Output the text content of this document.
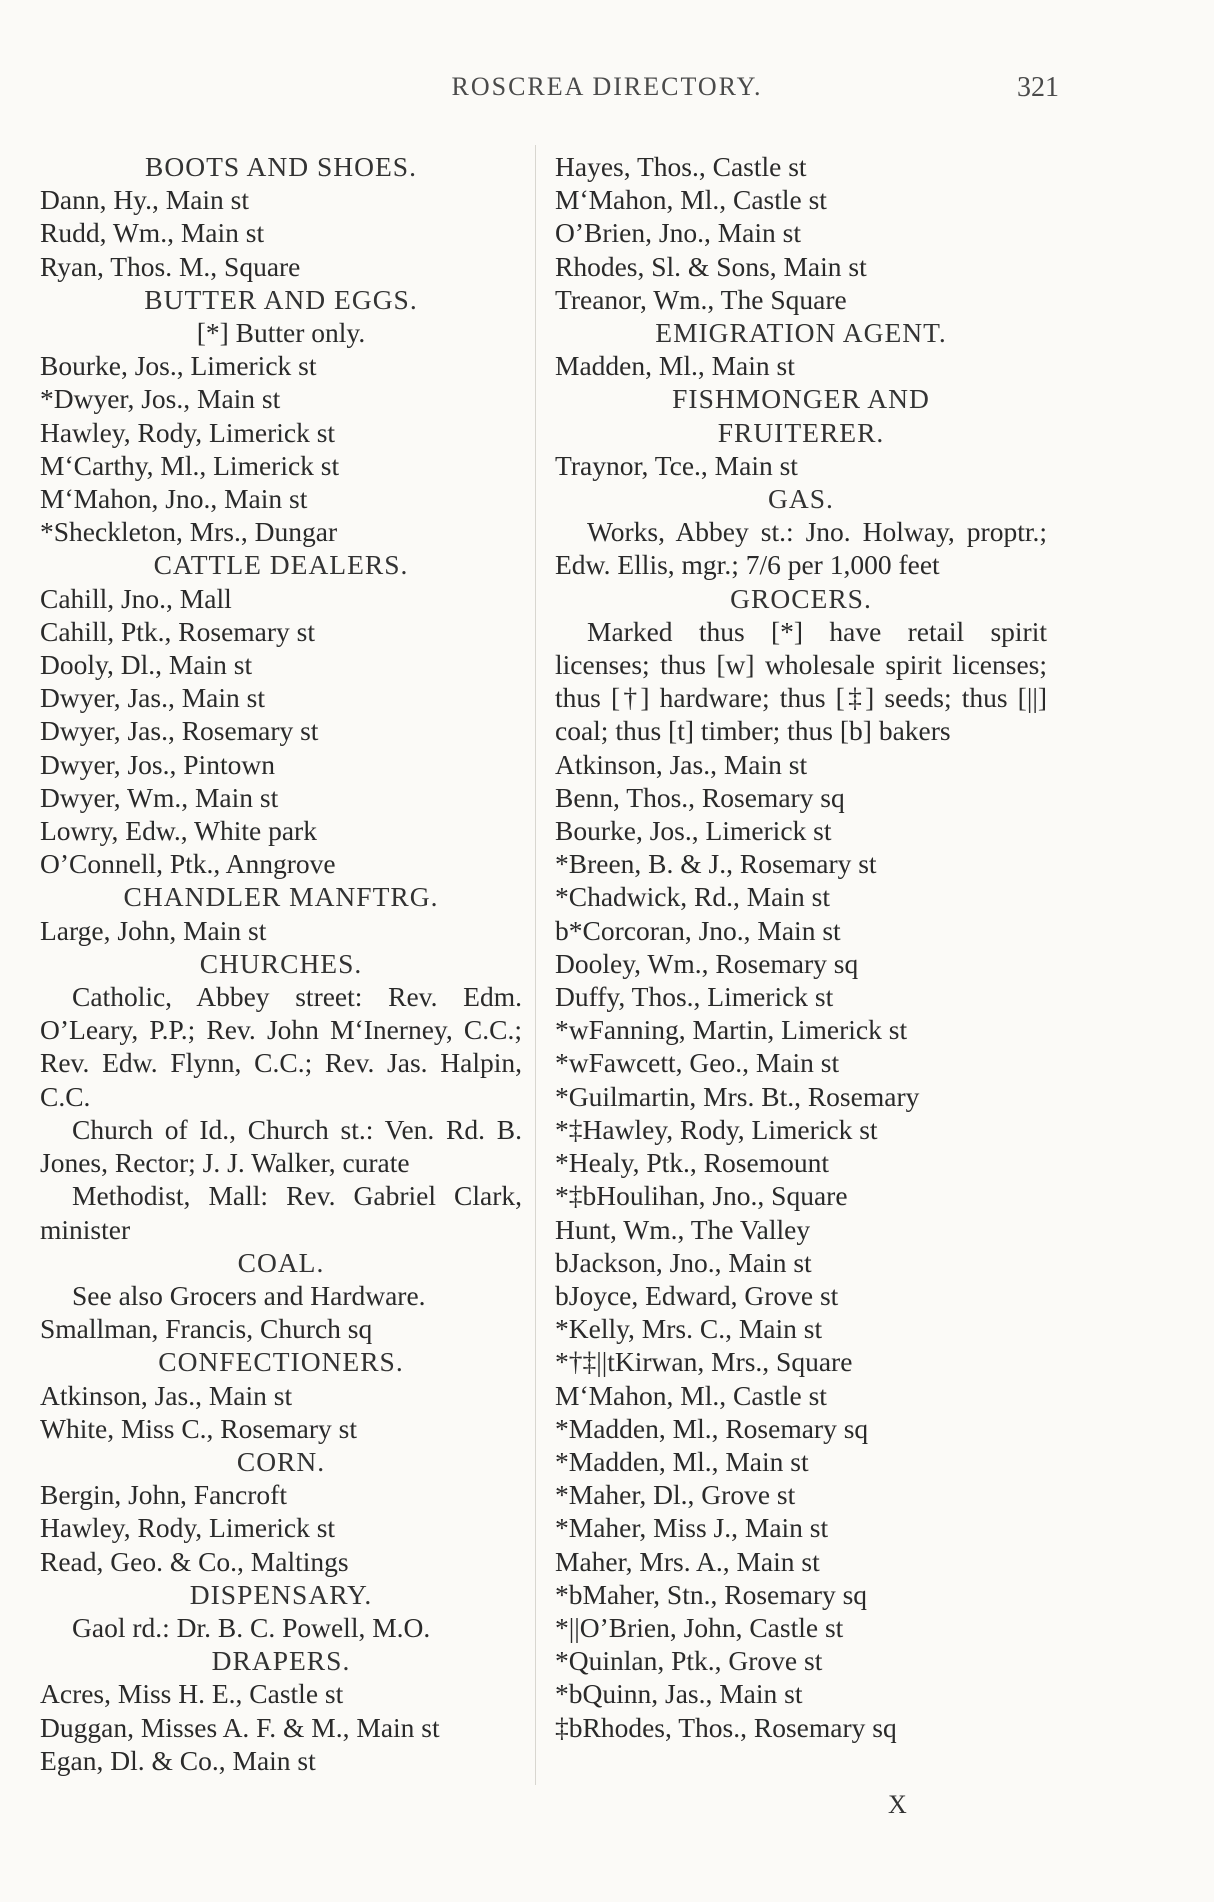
ROSCREA DIRECTORY.	321
BOOTS AND SHOES.
Dann, Hy., Main st
Rudd, Wm., Main st
Ryan, Thos. M., Square
BUTTER AND EGGS.
[*] Butter only.
Bourke, Jos., Limerick st
*Dwyer, Jos., Main st
Hawley, Rody, Limerick st
M‘Carthy, Ml., Limerick st
M‘Mahon, Jno., Main st
*Sheckleton, Mrs., Dungar
CATTLE DEALERS.
Cahill, Jno., Mall
Cahill, Ptk., Rosemary st
Dooly, Dl., Main st
Dwyer, Jas., Main st
Dwyer, Jas., Rosemary st
Dwyer, Jos., Pintown
Dwyer, Wm., Main st
Lowry, Edw., White park
O’Connell, Ptk., Anngrove
CHANDLER MANFTRG.
Large, John, Main st
CHURCHES.
Catholic, Abbey street: Rev. Edm. O’Leary, P.P.; Rev. John M‘Inerney, C.C.; Rev. Edw. Flynn, C.C.; Rev. Jas. Halpin, C.C.
Church of Id., Church st.: Ven. Rd. B. Jones, Rector; J. J. Walker, curate
Methodist, Mall: Rev. Gabriel Clark, minister
COAL.
See also Grocers and Hardware.
Smallman, Francis, Church sq
CONFECTIONERS.
Atkinson, Jas., Main st
White, Miss C., Rosemary st
CORN.
Bergin, John, Fancroft
Hawley, Rody, Limerick st
Read, Geo. & Co., Maltings
DISPENSARY.
Gaol rd.: Dr. B. C. Powell, M.O.
DRAPERS.
Acres, Miss H. E., Castle st
Duggan, Misses A. F. & M., Main st
Egan, Dl. & Co., Main st
Hayes, Thos., Castle st
M‘Mahon, Ml., Castle st
O’Brien, Jno., Main st
Rhodes, Sl. & Sons, Main st
Treanor, Wm., The Square
EMIGRATION AGENT.
Madden, Ml., Main st
FISHMONGER AND
FRUITERER.
Traynor, Tce., Main st
GAS.
Works, Abbey st.: Jno. Holway, proptr.; Edw. Ellis, mgr.; 7/6 per 1,000 feet
GROCERS.
Marked thus [*] have retail spirit licenses; thus [w] wholesale spirit licenses; thus [†] hardware; thus [‡] seeds; thus [||] coal; thus [t] timber; thus [b] bakers
Atkinson, Jas., Main st
Benn, Thos., Rosemary sq
Bourke, Jos., Limerick st
*Breen, B. & J., Rosemary st
*Chadwick, Rd., Main st
b*Corcoran, Jno., Main st
Dooley, Wm., Rosemary sq
Duffy, Thos., Limerick st
*wFanning, Martin, Limerick st
*wFawcett, Geo., Main st
*Guilmartin, Mrs. Bt., Rosemary
*‡Hawley, Rody, Limerick st
*Healy, Ptk., Rosemount
*‡bHoulihan, Jno., Square
Hunt, Wm., The Valley
bJackson, Jno., Main st
bJoyce, Edward, Grove st
*Kelly, Mrs. C., Main st
*†‡||tKirwan, Mrs., Square
M‘Mahon, Ml., Castle st
*Madden, Ml., Rosemary sq
*Madden, Ml., Main st
*Maher, Dl., Grove st
*Maher, Miss J., Main st
Maher, Mrs. A., Main st
*bMaher, Stn., Rosemary sq
*||O’Brien, John, Castle st
*Quinlan, Ptk., Grove st
*bQuinn, Jas., Main st
‡bRhodes, Thos., Rosemary sq
X
